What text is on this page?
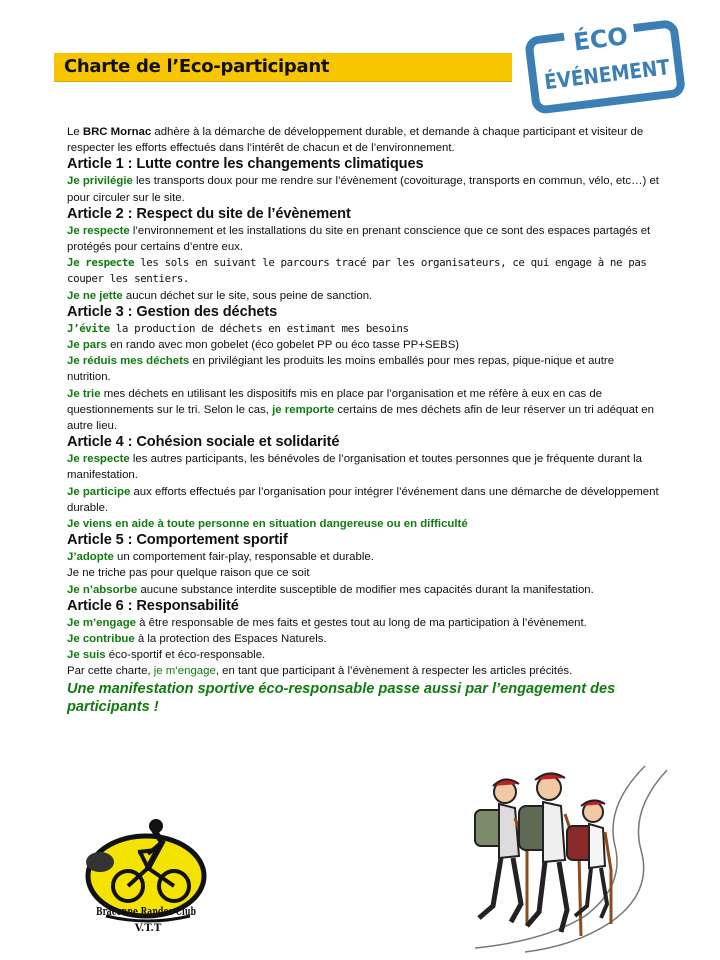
Charte de l’Eco-participant
ÉCO
ÉVÉNEMENT

Le BRC Mornac adhère à la démarche de développement durable, et demande à chaque participant et visiteur de respecter les efforts effectués dans l’intérêt de chacun et de l’environnement.

Article 1 : Lutte contre les changements climatiques

Je privilégie les transports doux pour me rendre sur l’évènement (covoiturage, transports en commun, vélo, etc…) et pour circuler sur le site.

Article 2 : Respect du site de l’évènement

Je respecte l’environnement et les installations du site en prenant conscience que ce sont des espaces partagés et protégés pour certains d’entre eux.

Je respecte les sols en suivant le parcours tracé par les organisateurs, ce qui engage à ne pas couper les sentiers.

Je ne jette aucun déchet sur le site, sous peine de sanction.

Article 3 : Gestion des déchets

J’évite la production de déchets en estimant mes besoins

Je pars en rando avec mon gobelet (éco gobelet PP ou éco tasse PP+SEBS)

Je réduis mes déchets en privilégiant les produits les moins emballés pour mes repas, pique-nique et autre nutrition.

Je trie mes déchets en utilisant les dispositifs mis en place par l’organisation et me réfère à eux en cas de questionnements sur le tri. Selon le cas, je remporte certains de mes déchets afin de leur réserver un tri adéquat en autre lieu.

Article 4 : Cohésion sociale et solidarité

Je respecte les autres participants, les bénévoles de l’organisation et toutes personnes que je fréquente durant la manifestation.

Je participe aux efforts effectués par l’organisation pour intégrer l’événement dans une démarche de développement durable.

Je viens en aide à toute personne en situation dangereuse ou en difficulté

Article 5 : Comportement sportif

J’adopte un comportement fair-play, responsable et durable.

Je ne triche pas pour quelque raison que ce soit

Je n’absorbe aucune substance interdite susceptible de modifier mes capacités durant la manifestation.

Article 6 : Responsabilité

Je m’engage à être responsable de mes faits et gestes tout au long de ma participation à l’évènement.

Je contribue à la protection des Espaces Naturels.

Je suis éco-sportif et éco-responsable.

Par cette charte, je m’engage, en tant que participant à l’évènement à respecter les articles précités.

Une manifestation sportive éco-responsable passe aussi par l’engagement des participants !

Braconne Randos Club
V.T.T
